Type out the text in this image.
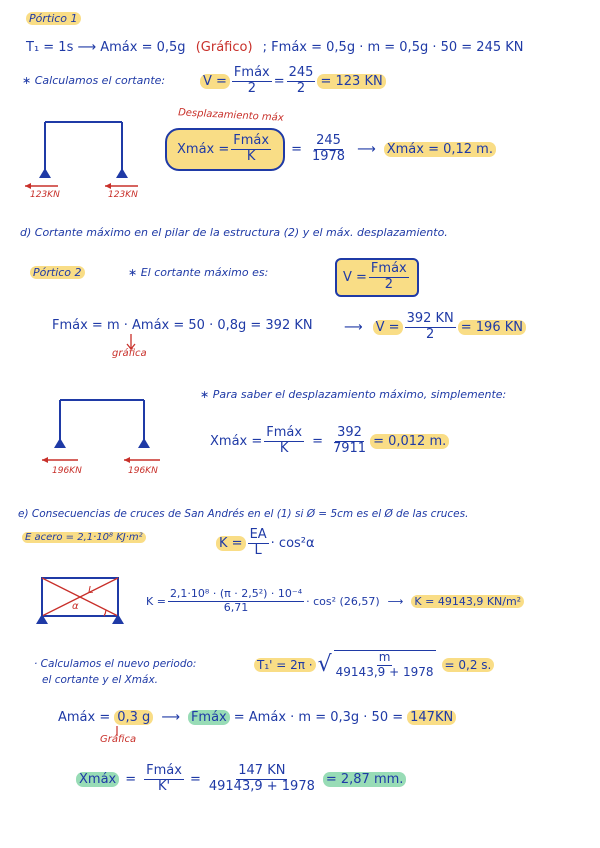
Pórtico 1
T₁ = 1s ⟶ Amáx = 0,5g (Gráfico) ; Fmáx = 0,5g · m = 0,5g · 50 = 245 KN
∗ Calculamos el cortante:	$V = \frac{\text{Fmáx}}{2} = \frac{245}{2} = 123$ KN
123KN	123KN
Desplazamiento máx
Xmáx = $\frac{\text{Fmáx}}{K} = \frac{245}{1978}$ ⟶ Xmáx = 0,12 m.
d) Cortante máximo en el pilar de la estructura (2) y el máx. desplazamiento.
Pórtico 2	∗ El cortante máximo es:	$V = \frac{\text{Fmáx}}{2}$
Fmáx = m · Amáx = 50 · 0,8g = 392 KN
gráfica
⟶ $V = \frac{392 KN}{2} = 196$ KN
196KN	196KN
∗ Para saber el desplazamiento máximo, simplemente:
Xmáx = $\frac{\text{Fmáx}}{K} = \frac{392}{7911} = 0,012$ m.
e) Consecuencias de cruces de San Andrés en el (1) si Ø = 5cm es el Ø de las cruces.
E acero = 2,1·10⁸ KJ·m²	$K = \frac{EA}{L} \cdot \cos^2\alpha$
L
α	$K = \frac{\text{2,1·10⁸ · (π · 2,5²) · 10⁻⁴}}{6,71} \cdot \cos^2$ (26,57) ⟶ K = 49143,9 KN/m²
· Calculamos el nuevo periodo:
el cortante y el Xmáx.
T₁' = 2π · √ $\frac{m}{49143,9 + 1978} = 0,2$ s.
Amáx = 0,3 g ⟶ Fmáx = Amáx · m = 0,3g · 50 = 147KN
Gráfica
Xmáx = $\frac{\text{Fmáx}}{K'} = \frac{147 KN}{49143,9 + 1978} = 2,87$ mm.
